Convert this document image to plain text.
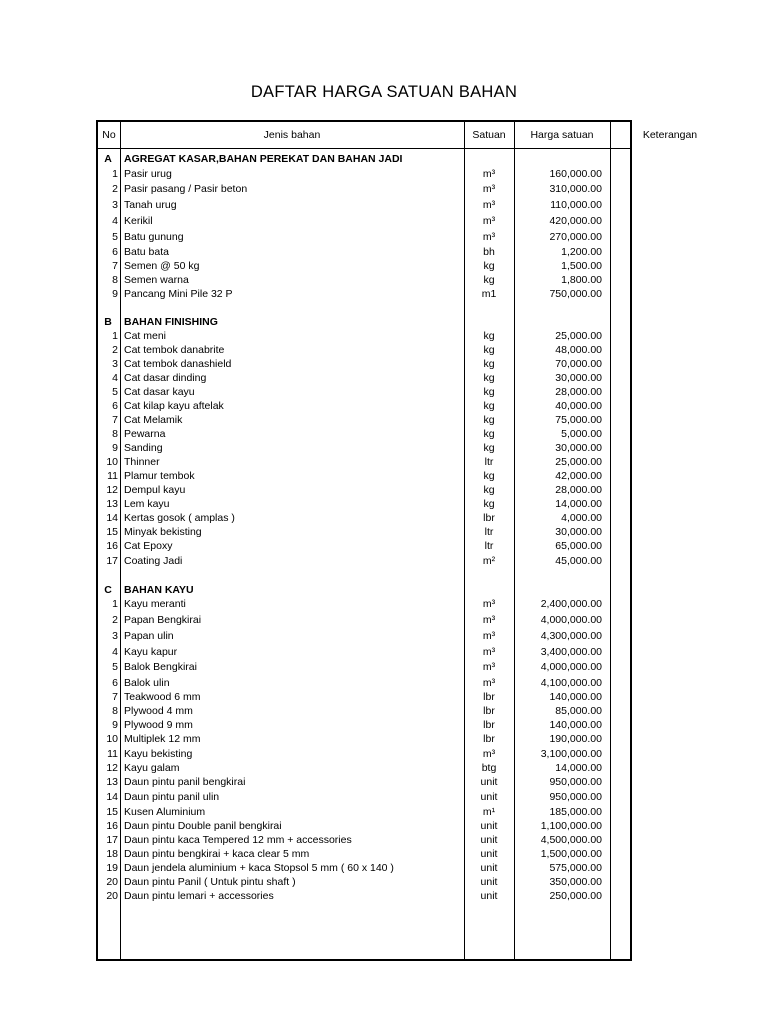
DAFTAR HARGA SATUAN BAHAN
No	Jenis bahan	Satuan	Harga satuan	Keterangan
A	AGREGAT KASAR,BAHAN PEREKAT DAN BAHAN JADI
1 Pasir urug	m³	160,000.00
2 Pasir pasang / Pasir beton	m³	310,000.00
3 Tanah urug	m³	110,000.00
4 Kerikil	m³	420,000.00
5 Batu gunung	m³	270,000.00
6 Batu bata	bh	1,200.00
7 Semen @ 50 kg	kg	1,500.00
8 Semen warna	kg	1,800.00
9 Pancang Mini Pile 32 P	m1	750,000.00
B	BAHAN FINISHING
1 Cat meni	kg	25,000.00
2 Cat tembok danabrite	kg	48,000.00
3 Cat tembok danashield	kg	70,000.00
4 Cat dasar dinding	kg	30,000.00
5 Cat dasar kayu	kg	28,000.00
6 Cat kilap kayu aftelak	kg	40,000.00
7 Cat Melamik	kg	75,000.00
8 Pewarna	kg	5,000.00
9 Sanding	kg	30,000.00
10 Thinner	ltr	25,000.00
11 Plamur tembok	kg	42,000.00
12 Dempul kayu	kg	28,000.00
13 Lem kayu	kg	14,000.00
14 Kertas gosok ( amplas )	lbr	4,000.00
15 Minyak bekisting	ltr	30,000.00
16 Cat Epoxy	ltr	65,000.00
17 Coating Jadi	m²	45,000.00
C	BAHAN KAYU
1 Kayu meranti	m³	2,400,000.00
2 Papan Bengkirai	m³	4,000,000.00
3 Papan ulin	m³	4,300,000.00
4 Kayu kapur	m³	3,400,000.00
5 Balok Bengkirai	m³	4,000,000.00
6 Balok ulin	m³	4,100,000.00
7 Teakwood 6 mm	lbr	140,000.00
8 Plywood 4 mm	lbr	85,000.00
9 Plywood 9 mm	lbr	140,000.00
10 Multiplek 12 mm	lbr	190,000.00
11 Kayu bekisting	m³	3,100,000.00
12 Kayu galam	btg	14,000.00
13 Daun pintu panil bengkirai	unit	950,000.00
14 Daun pintu panil ulin	unit	950,000.00
15 Kusen Aluminium	m¹	185,000.00
16 Daun pintu Double panil bengkirai	unit	1,100,000.00
17 Daun pintu kaca Tempered 12 mm + accessories	unit	4,500,000.00
18 Daun pintu bengkirai + kaca clear 5 mm	unit	1,500,000.00
19 Daun jendela aluminium + kaca Stopsol 5 mm ( 60 x 140 )	unit	575,000.00
20 Daun pintu Panil ( Untuk pintu shaft )	unit	350,000.00
20 Daun pintu lemari + accessories	unit	250,000.00
